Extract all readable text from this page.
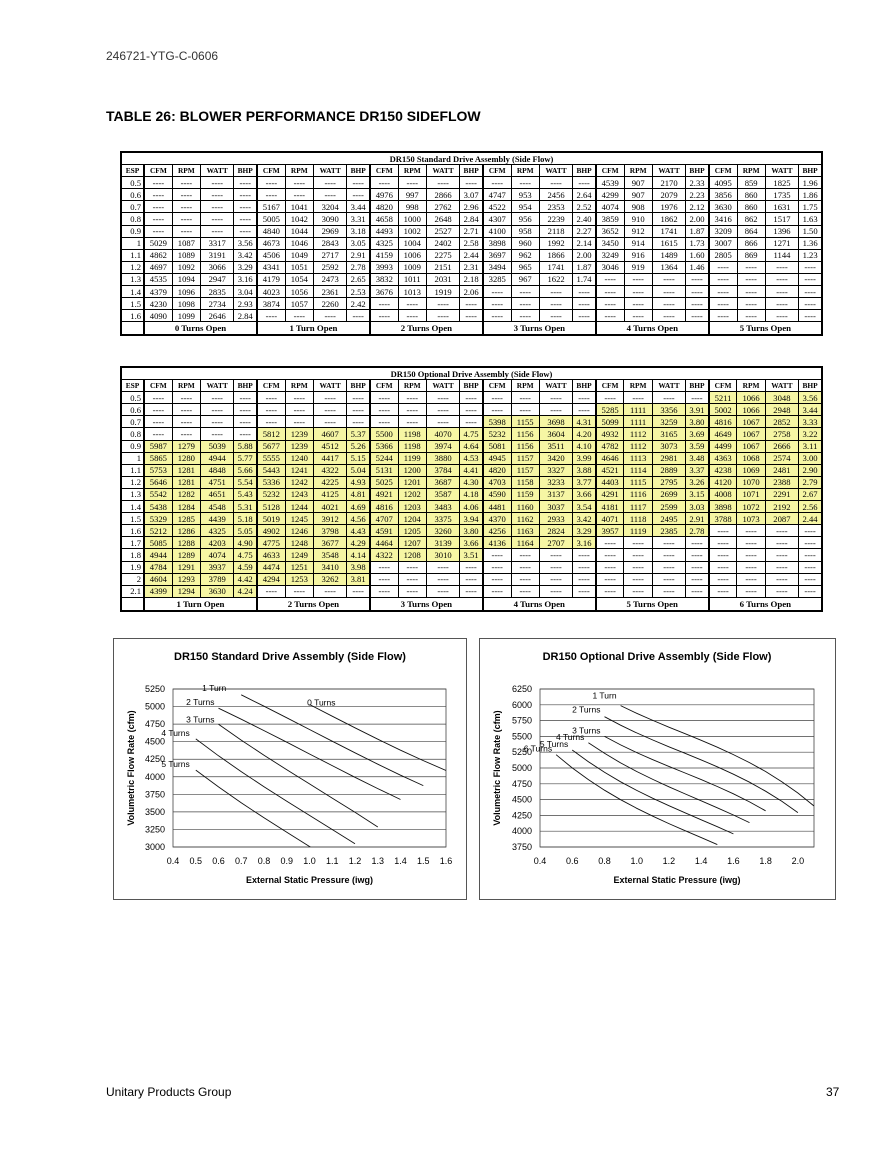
246721-YTG-C-0606
TABLE 26: BLOWER PERFORMANCE DR150 SIDEFLOW
DR150 Standard Drive Assembly (Side Flow)																								
ESP	CFM	RPM	WATT	BHP	CFM	RPM	WATT	BHP	CFM	RPM	WATT	BHP	CFM	RPM	WATT	BHP	CFM	RPM	WATT	BHP	CFM	RPM	WATT	BHP
0.5	----	----	----	----	----	----	----	----	----	----	----	----	----	----	----	----	4539	907	2170	2.33	4095	859	1825	1.96
0.6	----	----	----	----	----	----	----	----	4976	997	2866	3.07	4747	953	2456	2.64	4299	907	2079	2.23	3856	860	1735	1.86
0.7	----	----	----	----	5167	1041	3204	3.44	4820	998	2762	2.96	4522	954	2353	2.52	4074	908	1976	2.12	3630	860	1631	1.75
0.8	----	----	----	----	5005	1042	3090	3.31	4658	1000	2648	2.84	4307	956	2239	2.40	3859	910	1862	2.00	3416	862	1517	1.63
0.9	----	----	----	----	4840	1044	2969	3.18	4493	1002	2527	2.71	4100	958	2118	2.27	3652	912	1741	1.87	3209	864	1396	1.50
1	5029	1087	3317	3.56	4673	1046	2843	3.05	4325	1004	2402	2.58	3898	960	1992	2.14	3450	914	1615	1.73	3007	866	1271	1.36
1.1	4862	1089	3191	3.42	4506	1049	2717	2.91	4159	1006	2275	2.44	3697	962	1866	2.00	3249	916	1489	1.60	2805	869	1144	1.23
1.2	4697	1092	3066	3.29	4341	1051	2592	2.78	3993	1009	2151	2.31	3494	965	1741	1.87	3046	919	1364	1.46	----	----	----	----
1.3	4535	1094	2947	3.16	4179	1054	2473	2.65	3832	1011	2031	2.18	3285	967	1622	1.74	----	----	----	----	----	----	----	----
1.4	4379	1096	2835	3.04	4023	1056	2361	2.53	3676	1013	1919	2.06	----	----	----	----	----	----	----	----	----	----	----	----
1.5	4230	1098	2734	2.93	3874	1057	2260	2.42	----	----	----	----	----	----	----	----	----	----	----	----	----	----	----	----
1.6	4090	1099	2646	2.84	----	----	----	----	----	----	----	----	----	----	----	----	----	----	----	----	----	----	----	----
	0 Turns Open				1 Turn Open				2 Turns Open				3 Turns Open				4 Turns Open				5 Turns Open			
DR150 Optional Drive Assembly (Side Flow)																								
ESP	CFM	RPM	WATT	BHP	CFM	RPM	WATT	BHP	CFM	RPM	WATT	BHP	CFM	RPM	WATT	BHP	CFM	RPM	WATT	BHP	CFM	RPM	WATT	BHP
0.5	----	----	----	----	----	----	----	----	----	----	----	----	----	----	----	----	----	----	----	----	5211	1066	3048	3.56
0.6	----	----	----	----	----	----	----	----	----	----	----	----	----	----	----	----	5285	1111	3356	3.91	5002	1066	2948	3.44
0.7	----	----	----	----	----	----	----	----	----	----	----	----	5398	1155	3698	4.31	5099	1111	3259	3.80	4816	1067	2852	3.33
0.8	----	----	----	----	5812	1239	4607	5.37	5500	1198	4070	4.75	5232	1156	3604	4.20	4932	1112	3165	3.69	4649	1067	2758	3.22
0.9	5987	1279	5039	5.88	5677	1239	4512	5.26	5366	1198	3974	4.64	5081	1156	3511	4.10	4782	1112	3073	3.59	4499	1067	2666	3.11
1	5865	1280	4944	5.77	5555	1240	4417	5.15	5244	1199	3880	4.53	4945	1157	3420	3.99	4646	1113	2981	3.48	4363	1068	2574	3.00
1.1	5753	1281	4848	5.66	5443	1241	4322	5.04	5131	1200	3784	4.41	4820	1157	3327	3.88	4521	1114	2889	3.37	4238	1069	2481	2.90
1.2	5646	1281	4751	5.54	5336	1242	4225	4.93	5025	1201	3687	4.30	4703	1158	3233	3.77	4403	1115	2795	3.26	4120	1070	2388	2.79
1.3	5542	1282	4651	5.43	5232	1243	4125	4.81	4921	1202	3587	4.18	4590	1159	3137	3.66	4291	1116	2699	3.15	4008	1071	2291	2.67
1.4	5438	1284	4548	5.31	5128	1244	4021	4.69	4816	1203	3483	4.06	4481	1160	3037	3.54	4181	1117	2599	3.03	3898	1072	2192	2.56
1.5	5329	1285	4439	5.18	5019	1245	3912	4.56	4707	1204	3375	3.94	4370	1162	2933	3.42	4071	1118	2495	2.91	3788	1073	2087	2.44
1.6	5212	1286	4325	5.05	4902	1246	3798	4.43	4591	1205	3260	3.80	4256	1163	2824	3.29	3957	1119	2385	2.78	----	----	----	----
1.7	5085	1288	4203	4.90	4775	1248	3677	4.29	4464	1207	3139	3.66	4136	1164	2707	3.16	----	----	----	----	----	----	----	----
1.8	4944	1289	4074	4.75	4633	1249	3548	4.14	4322	1208	3010	3.51	----	----	----	----	----	----	----	----	----	----	----	----
1.9	4784	1291	3937	4.59	4474	1251	3410	3.98	----	----	----	----	----	----	----	----	----	----	----	----	----	----	----	----
2	4604	1293	3789	4.42	4294	1253	3262	3.81	----	----	----	----	----	----	----	----	----	----	----	----	----	----	----	----
2.1	4399	1294	3630	4.24	----	----	----	----	----	----	----	----	----	----	----	----	----	----	----	----	----	----	----	----
	1 Turn Open				2 Turns Open				3 Turns Open				4 Turns Open				5 Turns Open				6 Turns Open			
DR150 Standard Drive Assembly (Side Flow)
5250
5000
4750
4500
4250
4000
3750
3500
3250
3000
0.4 0.5 0.6 0.7 0.8 0.9 1.0 1.1 1.2 1.3 1.4 1.5 1.6
External Static Pressure (iwg)
Volumetric Flow Rate (cfm)
0 Turns
1 Turn
2 Turns
3 Turns
4 Turns
5 Turns
DR150 Optional Drive Assembly (Side Flow)
6250
6000
5750
5500
5250
5000
4750
4500
4250
4000
3750
0.4 0.6 0.8 1.0 1.2 1.4 1.6 1.8 2.0
External Static Pressure (iwg)
Volumetric Flow Rate (cfm)
1 Turn
2 Turns
3 Turns
4 Turns
5 Turns
6 Turns
Unitary Products Group	37
